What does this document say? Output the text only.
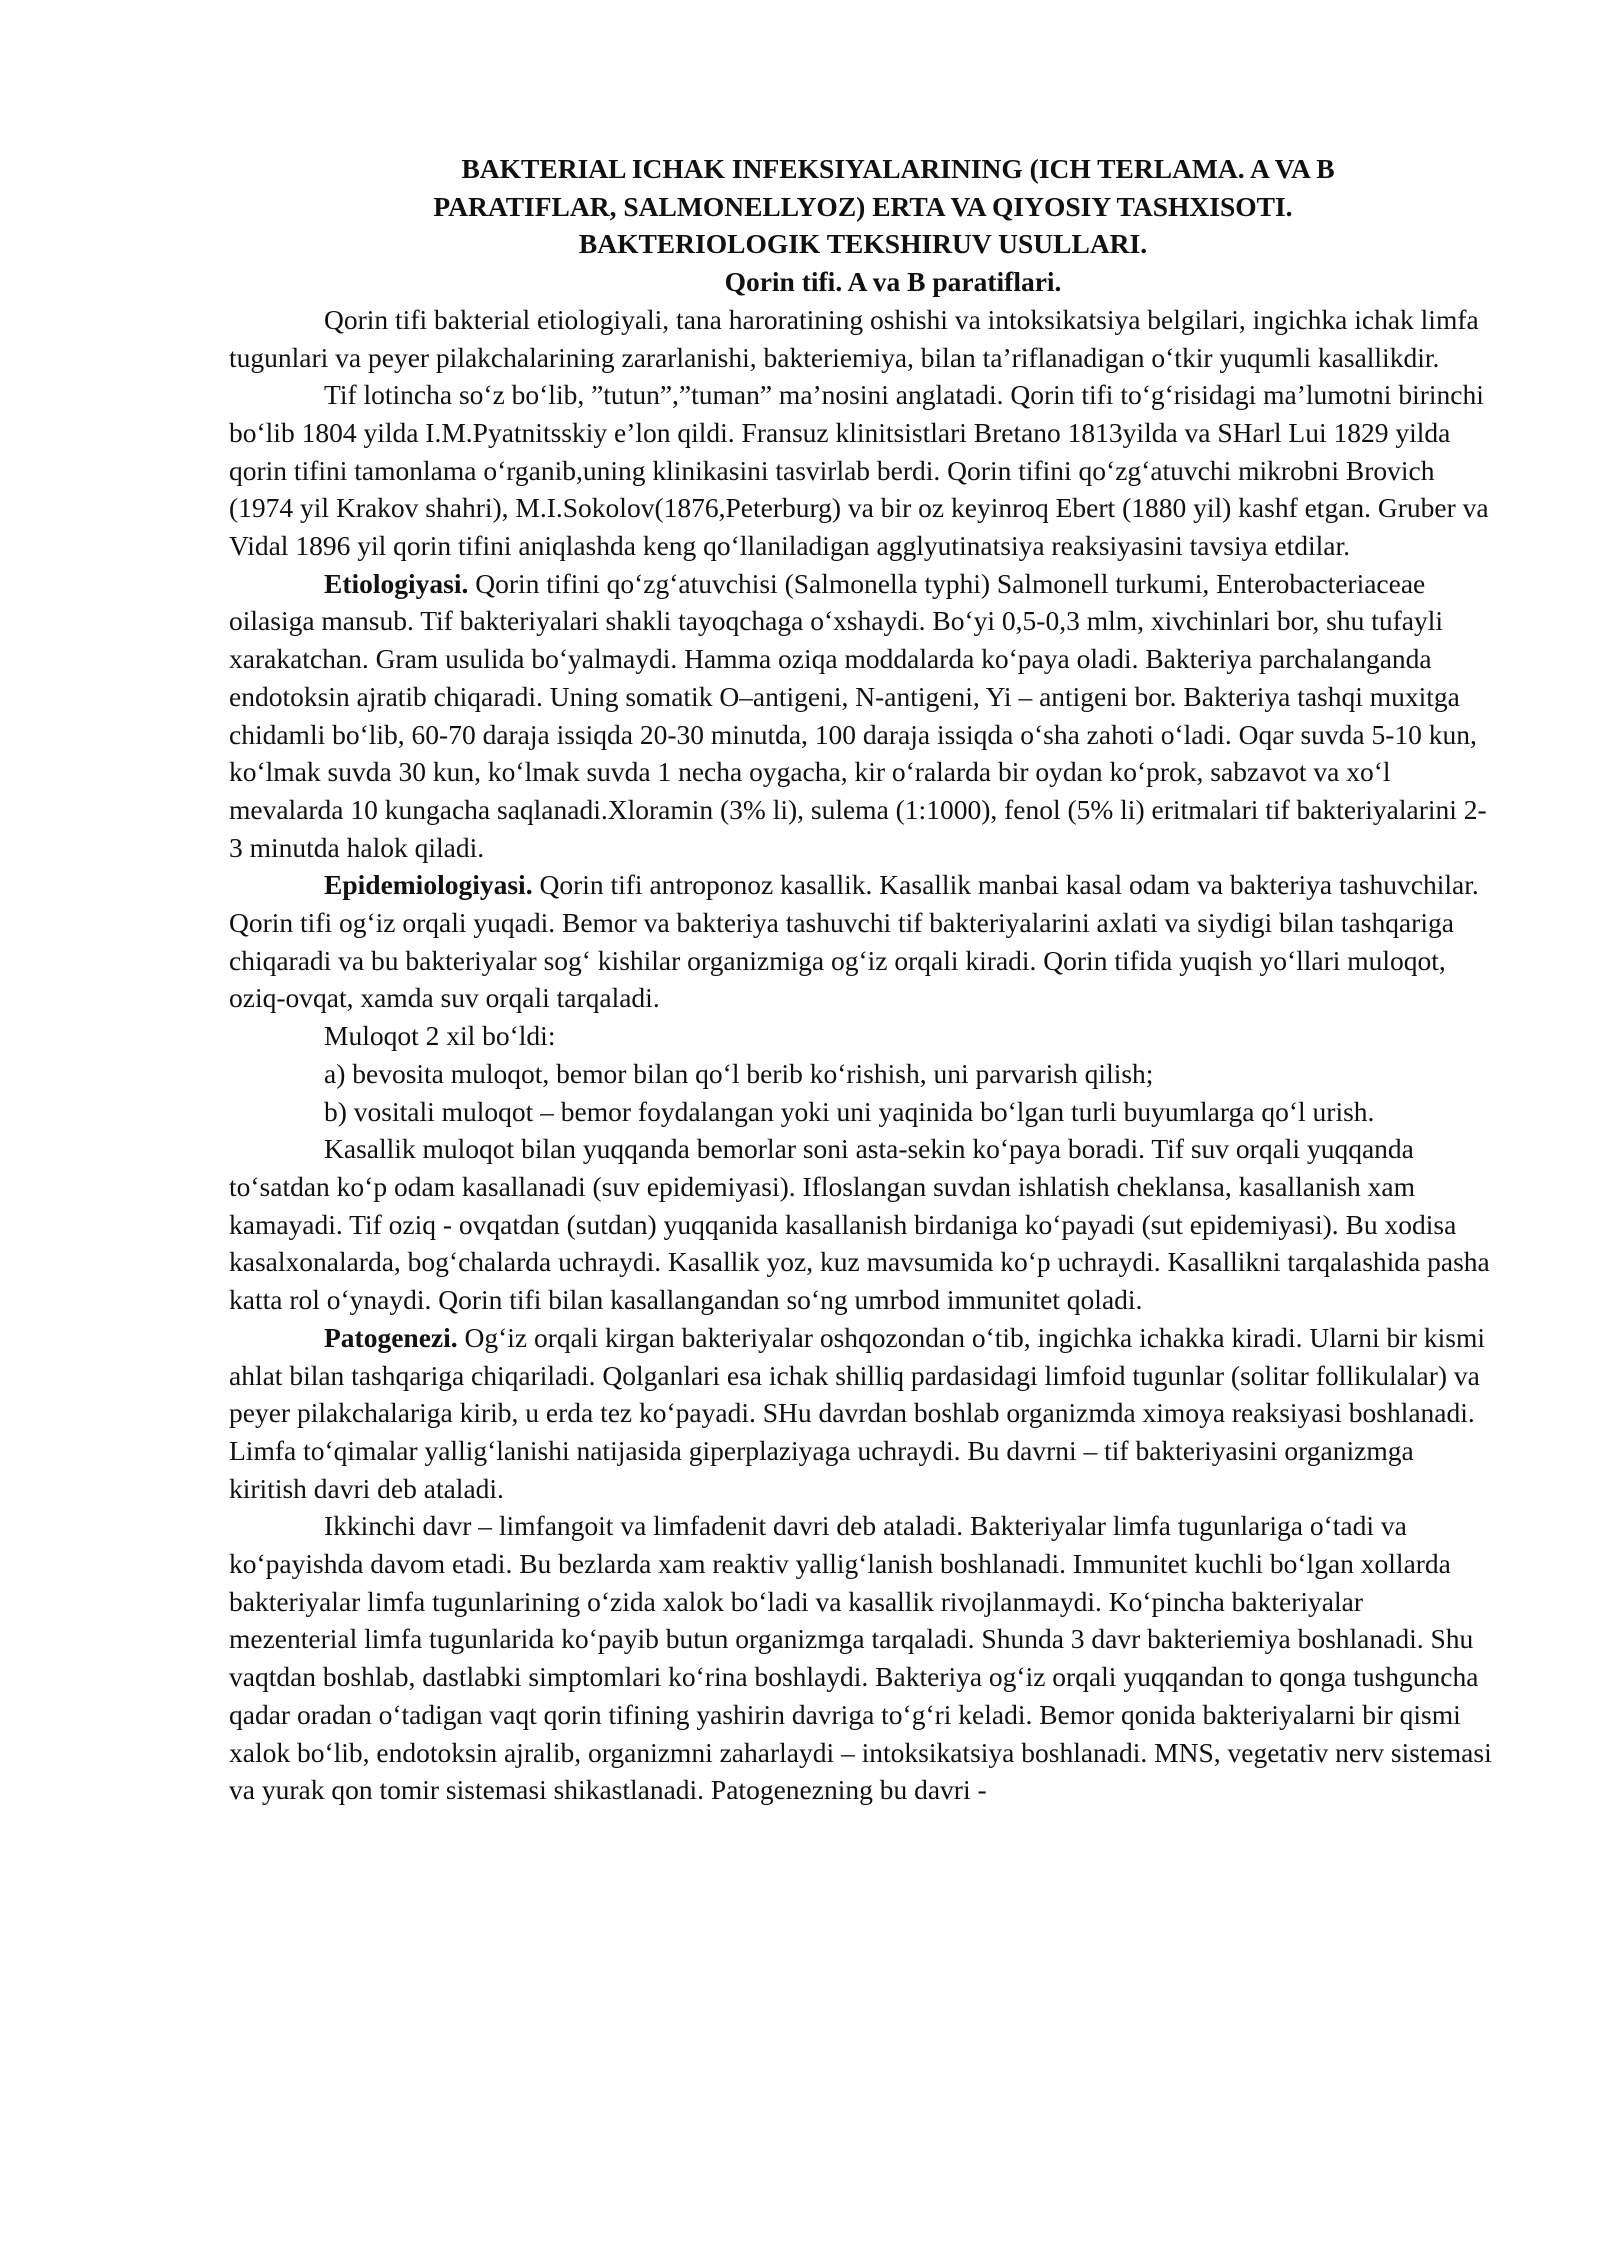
BAKTERIAL ICHAK INFEKSIYALARINING (ICH TERLAMA. A VA B
PARATIFLAR, SALMONELLYOZ) ERTA VA QIYOSIY TASHXISOTI.
BAKTERIOLOGIK TEKSHIRUV USULLARI.
Qorin tifi. A va B paratiflari.

Qorin tifi bakterial etiologiyali, tana haroratining oshishi va intoksikatsiya belgilari, ingichka ichak limfa tugunlari va peyer pilakchalarining zararlanishi, bakteriemiya, bilan ta’riflanadigan o‘tkir yuqumli kasallikdir.

Tif lotincha so‘z bo‘lib, ”tutun”,”tuman” ma’nosini anglatadi. Qorin tifi to‘g‘risidagi ma’lumotni birinchi bo‘lib 1804 yilda I.M.Pyatnitsskiy e’lon qildi. Fransuz klinitsistlari Bretano 1813yilda va SHarl Lui 1829 yilda qorin tifini tamonlama o‘rganib,uning klinikasini tasvirlab berdi. Qorin tifini qo‘zg‘atuvchi mikrobni Brovich (1974 yil Krakov shahri), M.I.Sokolov(1876,Peterburg) va bir oz keyinroq Ebert (1880 yil) kashf etgan. Gruber va Vidal 1896 yil qorin tifini aniqlashda keng qo‘llaniladigan agglyutinatsiya reaksiyasini tavsiya etdilar.

Etiologiyasi. Qorin tifini qo‘zg‘atuvchisi (Salmonella typhi) Salmonell turkumi, Enterobacteriaceae oilasiga mansub. Tif bakteriyalari shakli tayoqchaga o‘xshaydi. Bo‘yi 0,5-0,3 mlm, xivchinlari bor, shu tufayli xarakatchan. Gram usulida bo‘yalmaydi. Hamma oziqa moddalarda ko‘paya oladi. Bakteriya parchalanganda endotoksin ajratib chiqaradi. Uning somatik O–antigeni, N-antigeni, Yi – antigeni bor. Bakteriya tashqi muxitga chidamli bo‘lib, 60-70 daraja issiqda 20-30 minutda, 100 daraja issiqda o‘sha zahoti o‘ladi. Oqar suvda 5-10 kun, ko‘lmak suvda 30 kun, ko‘lmak suvda 1 necha oygacha, kir o‘ralarda bir oydan ko‘prok, sabzavot va xo‘l mevalarda 10 kungacha saqlanadi.Xloramin (3% li), sulema (1:1000), fenol (5% li) eritmalari tif bakteriyalarini 2-3 minutda halok qiladi.

Epidemiologiyasi. Qorin tifi antroponoz kasallik. Kasallik manbai kasal odam va bakteriya tashuvchilar. Qorin tifi og‘iz orqali yuqadi. Bemor va bakteriya tashuvchi tif bakteriyalarini axlati va siydigi bilan tashqariga chiqaradi va bu bakteriyalar sog‘ kishilar organizmiga og‘iz orqali kiradi. Qorin tifida yuqish yo‘llari muloqot, oziq-ovqat, xamda suv orqali tarqaladi.

Muloqot 2 xil bo‘ldi:

a) bevosita muloqot, bemor bilan qo‘l berib ko‘rishish, uni parvarish qilish;

b) vositali muloqot – bemor foydalangan yoki uni yaqinida bo‘lgan turli buyumlarga qo‘l urish.

Kasallik muloqot bilan yuqqanda bemorlar soni asta-sekin ko‘paya boradi. Tif suv orqali yuqqanda to‘satdan ko‘p odam kasallanadi (suv epidemiyasi). Ifloslangan suvdan ishlatish cheklansa, kasallanish xam kamayadi. Tif oziq - ovqatdan (sutdan) yuqqanida kasallanish birdaniga ko‘payadi (sut epidemiyasi). Bu xodisa kasalxonalarda, bog‘chalarda uchraydi. Kasallik yoz, kuz mavsumida ko‘p uchraydi. Kasallikni tarqalashida pasha katta rol o‘ynaydi. Qorin tifi bilan kasallangandan so‘ng umrbod immunitet qoladi.

Patogenezi. Og‘iz orqali kirgan bakteriyalar oshqozondan o‘tib, ingichka ichakka kiradi. Ularni bir kismi ahlat bilan tashqariga chiqariladi. Qolganlari esa ichak shilliq pardasidagi limfoid tugunlar (solitar follikulalar) va peyer pilakchalariga kirib, u erda tez ko‘payadi. SHu davrdan boshlab organizmda ximoya reaksiyasi boshlanadi. Limfa to‘qimalar yallig‘lanishi natijasida giperplaziyaga uchraydi. Bu davrni – tif bakteriyasini organizmga kiritish davri deb ataladi.

Ikkinchi davr – limfangoit va limfadenit davri deb ataladi. Bakteriyalar limfa tugunlariga o‘tadi va ko‘payishda davom etadi. Bu bezlarda xam reaktiv yallig‘lanish boshlanadi. Immunitet kuchli bo‘lgan xollarda bakteriyalar limfa tugunlarining o‘zida xalok bo‘ladi va kasallik rivojlanmaydi. Ko‘pincha bakteriyalar mezenterial limfa tugunlarida ko‘payib butun organizmga tarqaladi. Shunda 3 davr bakteriemiya boshlanadi. Shu vaqtdan boshlab, dastlabki simptomlari ko‘rina boshlaydi. Bakteriya og‘iz orqali yuqqandan to qonga tushguncha qadar oradan o‘tadigan vaqt qorin tifining yashirin davriga to‘g‘ri keladi. Bemor qonida bakteriyalarni bir qismi xalok bo‘lib, endotoksin ajralib, organizmni zaharlaydi – intoksikatsiya boshlanadi. MNS, vegetativ nerv sistemasi va yurak qon tomir sistemasi shikastlanadi. Patogenezning bu davri -
